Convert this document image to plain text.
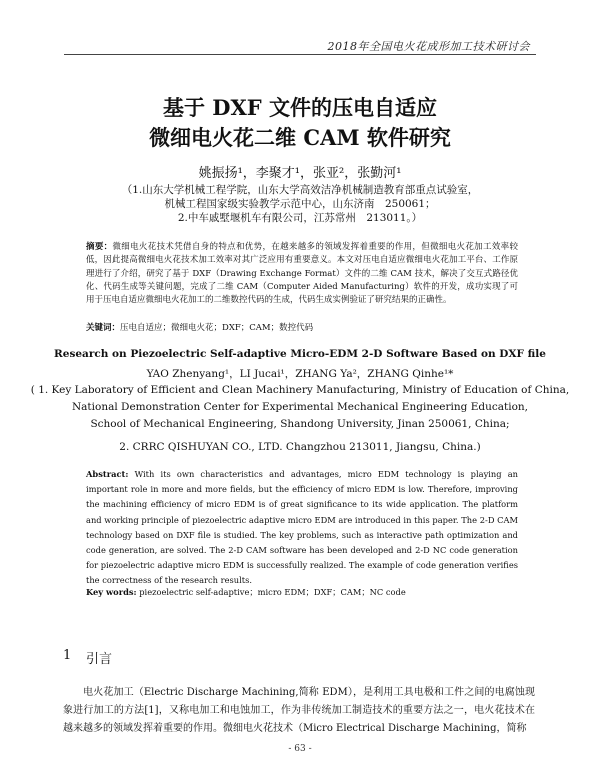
2018年全国电火花成形加工技术研讨会
基于 DXF 文件的压电自适应
微细电火花二维 CAM 软件研究
姚振扬¹，李聚才¹，张亚²，张勤河¹
（1.山东大学机械工程学院，山东大学高效洁净机械制造教育部重点试验室，
机械工程国家级实验教学示范中心，山东济南　250061；
2.中车戚墅堰机车有限公司，江苏常州　213011。）
摘要：微细电火花技术凭借自身的特点和优势，在越来越多的领域发挥着重要的作用，但微细电火花加工效率较低，因此提高微细电火花技术加工效率对其广泛应用有重要意义。本文对压电自适应微细电火花加工平台、工作原理进行了介绍，研究了基于 DXF（Drawing Exchange Format）文件的二维 CAM 技术，解决了交互式路径优化、代码生成等关键问题，完成了二维 CAM（Computer Aided Manufacturing）软件的开发，成功实现了可用于压电自适应微细电火花加工的二维数控代码的生成，代码生成实例验证了研究结果的正确性。
关键词：压电自适应；微细电火花；DXF；CAM；数控代码
Research on Piezoelectric Self-adaptive Micro-EDM 2-D Software Based on DXF file
YAO Zhenyang¹，LI Jucai¹，ZHANG Ya²，ZHANG Qinhe¹*
( 1. Key Laboratory of Efficient and Clean Machinery Manufacturing, Ministry of Education of China,
National Demonstration Center for Experimental Mechanical Engineering Education,
School of Mechanical Engineering, Shandong University, Jinan 250061, China;
2. CRRC QISHUYAN CO., LTD. Changzhou 213011, Jiangsu, China.)
Abstract: With its own characteristics and advantages, micro EDM technology is playing an important role in more and more fields, but the efficiency of micro EDM is low. Therefore, improving the machining efficiency of micro EDM is of great significance to its wide application. The platform and working principle of piezoelectric adaptive micro EDM are introduced in this paper. The 2-D CAM technology based on DXF file is studied. The key problems, such as interactive path optimization and code generation, are solved. The 2-D CAM software has been developed and 2-D NC code generation for piezoelectric adaptive micro EDM is successfully realized. The example of code generation verifies the correctness of the research results.
Key words: piezoelectric self-adaptive；micro EDM；DXF；CAM；NC code
1 引言
电火花加工（Electric Discharge Machining,简称 EDM），是利用工具电极和工件之间的电腐蚀现象进行加工的方法[1]，又称电加工和电蚀加工，作为非传统加工制造技术的重要方法之一，电火花技术在越来越多的领域发挥着重要的作用。微细电火花技术（Micro Electrical Discharge Machining，简称
- 63 -
